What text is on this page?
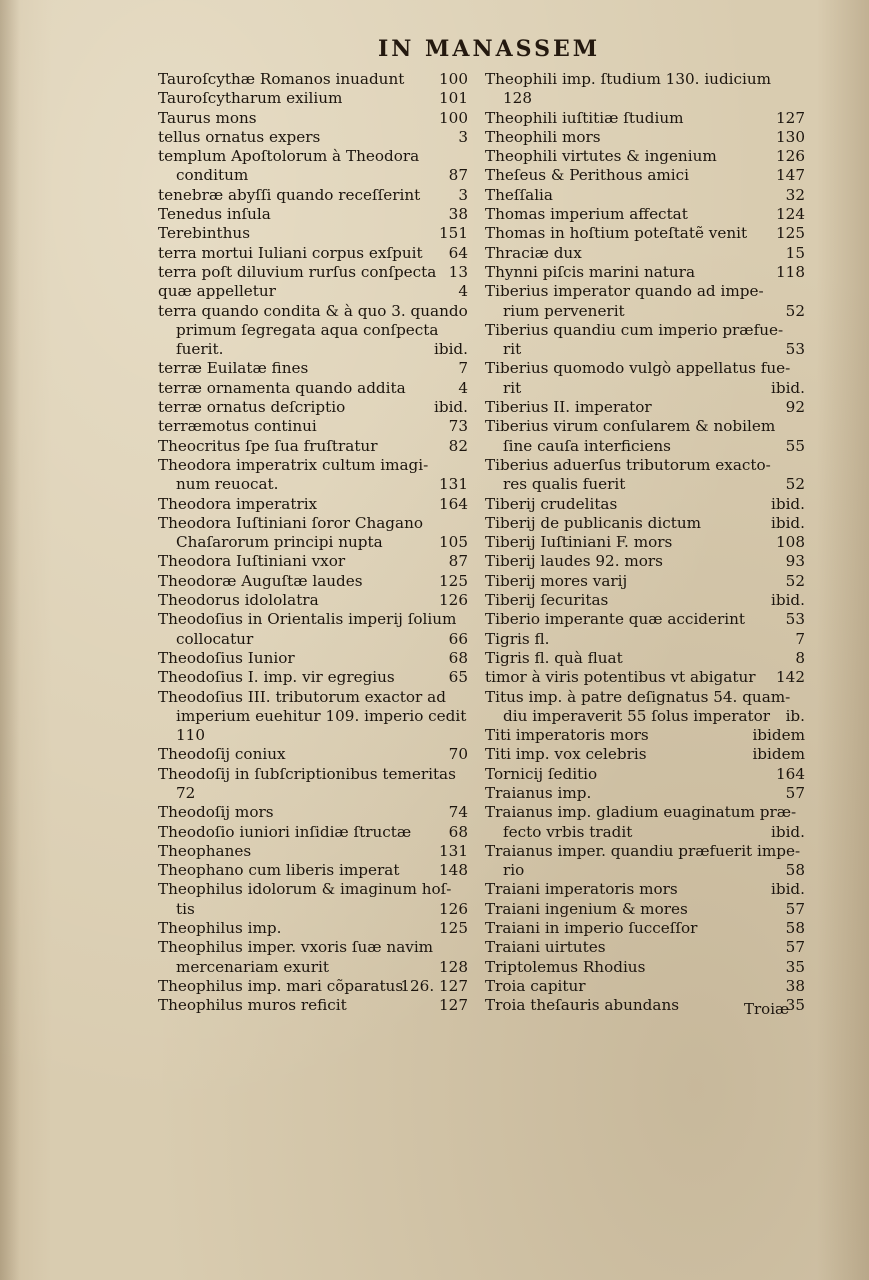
IN MANASSEM
Tauroſcythæ Romanos inuadunt	100
Tauroſcytharum exilium	101
Taurus mons	100
tellus ornatus expers	3
templum Apoſtolorum à Theodora
conditum	87
tenebræ abyſſi quando receſſerint	3
Tenedus inſula	38
Terebinthus	151
terra mortui Iuliani corpus exſpuit	64
terra poſt diluvium rurſus conſpecta 13
quæ appelletur	4
terra quando condita & à quo 3. quando
primum ſegregata aqua conſpecta
fuerit.	ibid.
terræ Euilatæ fines	7
terræ ornamenta quando addita	4
terræ ornatus deſcriptio	ibid.
terræmotus continui	73
Theocritus ſpe ſua fruſtratur	82
Theodora imperatrix cultum imagi-
num reuocat.	131
Theodora imperatrix	164
Theodora Iuſtiniani ſoror Chagano
Chaſarorum principi nupta	105
Theodora Iuſtiniani vxor	87
Theodoræ Auguſtæ laudes	125
Theodorus idololatra	126
Theodoſius in Orientalis imperij ſolium
collocatur	66
Theodoſius Iunior	68
Theodoſius I. imp. vir egregius	65
Theodoſius III. tributorum exactor ad
imperium euehitur 109. imperio cedit
110
Theodoſij coniux	70
Theodoſij in ſubſcriptionibus temeritas
72
Theodoſij mors	74
Theodoſio iuniori inſidiæ ſtructæ	68
Theophanes	131
Theophano cum liberis imperat	148
Theophilus idolorum & imaginum hoſ-
tis	126
Theophilus imp.	125
Theophilus imper. vxoris ſuæ navim
mercenariam exurit	128
Theophilus imp. mari cõparatus
126. 127
Theophilus muros reficit	127
Theophili imp. ſtudium 130. iudicium
128
Theophili iuſtitiæ ſtudium	127
Theophili mors	130
Theophili virtutes & ingenium	126
Theſeus & Perithous amici	147
Theſſalia	32
Thomas imperium affectat	124
Thomas in hoſtium poteſtatẽ venit	125
Thraciæ dux	15
Thynni piſcis marini natura	118
Tiberius imperator quando ad impe-
rium pervenerit	52
Tiberius quandiu cum imperio præfue-
rit	53
Tiberius quomodo vulgò appellatus fue-
rit	ibid.
Tiberius II. imperator	92
Tiberius virum conſularem & nobilem
ſine cauſa interficiens	55
Tiberius aduerſus tributorum exacto-
res qualis fuerit	52
Tiberij crudelitas	ibid.
Tiberij de publicanis dictum	ibid.
Tiberij Iuſtiniani F. mors	108
Tiberij laudes 92. mors	93
Tiberij mores varij	52
Tiberij ſecuritas	ibid.
Tiberio imperante quæ acciderint	53
Tigris fl.	7
Tigris fl. quà fluat	8
timor à viris potentibus vt abigatur	142
Titus imp. à patre deſignatus 54. quam-
diu imperaverit 55 ſolus imperator	ib.
Titi imperatoris mors	ibidem
Titi imp. vox celebris	ibidem
Tornicij ſeditio	164
Traianus imp.	57
Traianus imp. gladium euaginatum præ-
fecto vrbis tradit	ibid.
Traianus imper. quandiu præfuerit impe-
rio	58
Traiani imperatoris mors	ibid.
Traiani ingenium & mores	57
Traiani in imperio ſucceſſor	58
Traiani uirtutes	57
Triptolemus Rhodius	35
Troia capitur	38
Troia theſauris abundans	35
Troiæ
